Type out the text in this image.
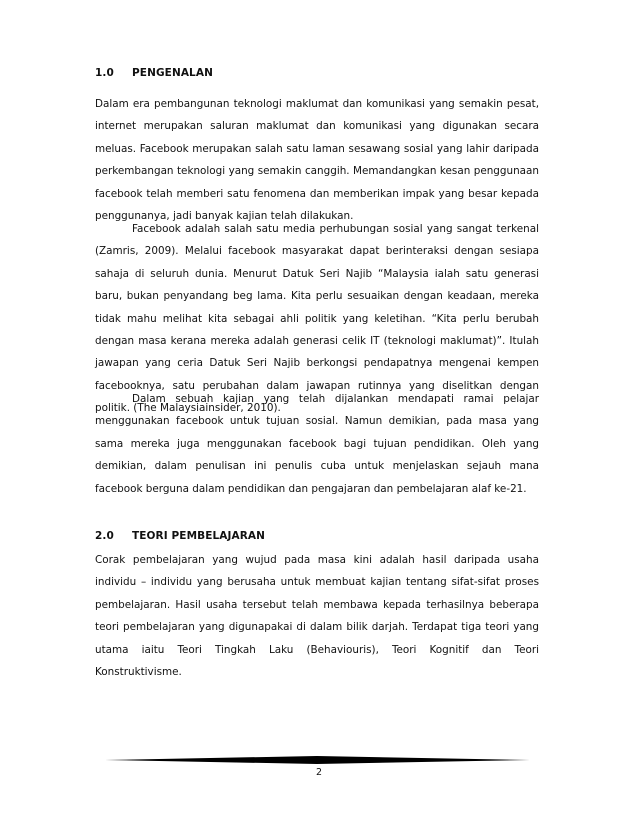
1.0 PENGENALAN

Dalam era pembangunan teknologi maklumat dan komunikasi yang semakin pesat, internet merupakan saluran maklumat dan komunikasi yang digunakan secara meluas. Facebook merupakan salah satu laman sesawang sosial yang lahir daripada perkembangan teknologi yang semakin canggih. Memandangkan kesan penggunaan facebook telah memberi satu fenomena dan memberikan impak yang besar kepada penggunanya, jadi banyak kajian telah dilakukan.

Facebook adalah salah satu media perhubungan sosial yang sangat terkenal (Zamris, 2009). Melalui facebook masyarakat dapat berinteraksi dengan sesiapa sahaja di seluruh dunia. Menurut Datuk Seri Najib “Malaysia ialah satu generasi baru, bukan penyandang beg lama. Kita perlu sesuaikan dengan keadaan, mereka tidak mahu melihat kita sebagai ahli politik yang keletihan. “Kita perlu berubah dengan masa kerana mereka adalah generasi celik IT (teknologi maklumat)”. Itulah jawapan yang ceria Datuk Seri Najib berkongsi pendapatnya mengenai kempen facebooknya, satu perubahan dalam jawapan rutinnya yang diselitkan dengan politik. (The Malaysiainsider, 2010).

Dalam sebuah kajian yang telah dijalankan mendapati ramai pelajar menggunakan facebook untuk tujuan sosial. Namun demikian, pada masa yang sama mereka juga menggunakan facebook bagi tujuan pendidikan. Oleh yang demikian, dalam penulisan ini penulis cuba untuk menjelaskan sejauh mana facebook berguna dalam pendidikan dan pengajaran dan pembelajaran alaf ke-21.

2.0 TEORI PEMBELAJARAN

Corak pembelajaran yang wujud pada masa kini adalah hasil daripada usaha individu – individu yang berusaha untuk membuat kajian tentang sifat-sifat proses pembelajaran. Hasil usaha tersebut telah membawa kepada terhasilnya beberapa teori pembelajaran yang digunapakai di dalam bilik darjah. Terdapat tiga teori yang utama iaitu Teori Tingkah Laku (Behaviouris), Teori Kognitif dan Teori Konstruktivisme.

2
